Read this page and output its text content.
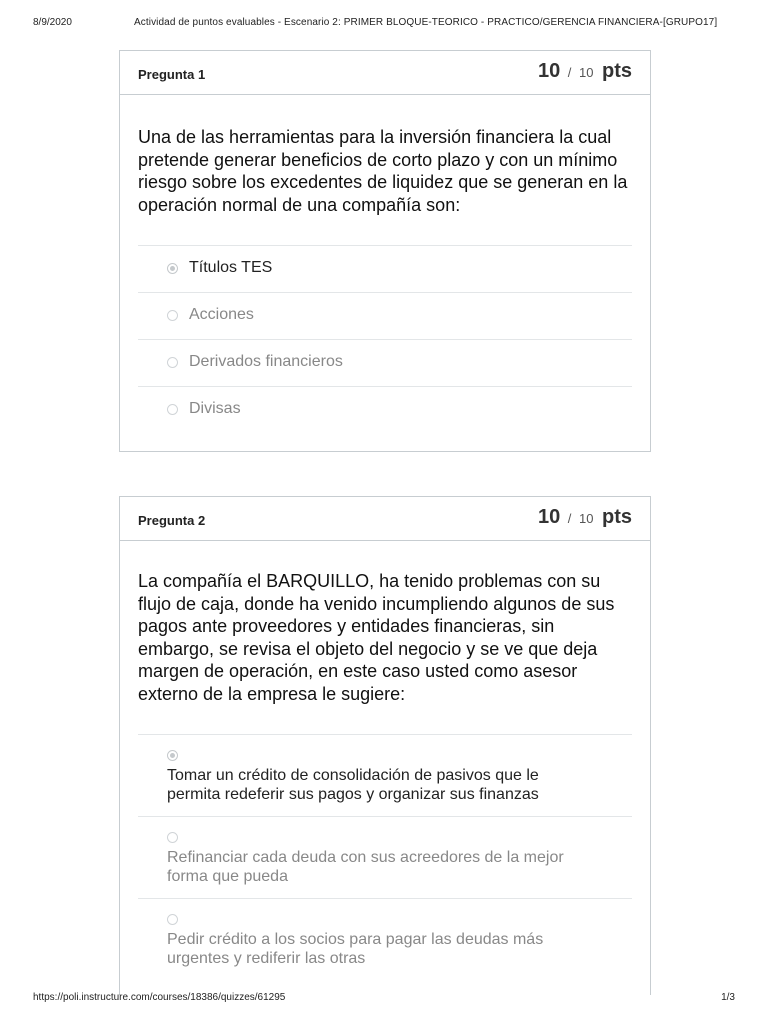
8/9/2020	Actividad de puntos evaluables - Escenario 2: PRIMER BLOQUE-TEORICO - PRACTICO/GERENCIA FINANCIERA-[GRUPO17]
Pregunta 1	10 / 10 pts
Una de las herramientas para la inversión financiera la cual pretende generar beneficios de corto plazo y con un mínimo riesgo sobre los excedentes de liquidez que se generan en la operación normal de una compañía son:
Títulos TES
Acciones
Derivados financieros
Divisas
Pregunta 2	10 / 10 pts
La compañía el BARQUILLO, ha tenido problemas con su flujo de caja, donde ha venido incumpliendo algunos de sus pagos ante proveedores y entidades financieras, sin embargo, se revisa el objeto del negocio y se ve que deja margen de operación, en este caso usted como asesor externo de la empresa le sugiere:
Tomar un crédito de consolidación de pasivos que le permita redeferir sus pagos y organizar sus finanzas
Refinanciar cada deuda con sus acreedores de la mejor forma que pueda
Pedir crédito a los socios para pagar las deudas más urgentes y rediferir las otras
https://poli.instructure.com/courses/18386/quizzes/61295	1/3
